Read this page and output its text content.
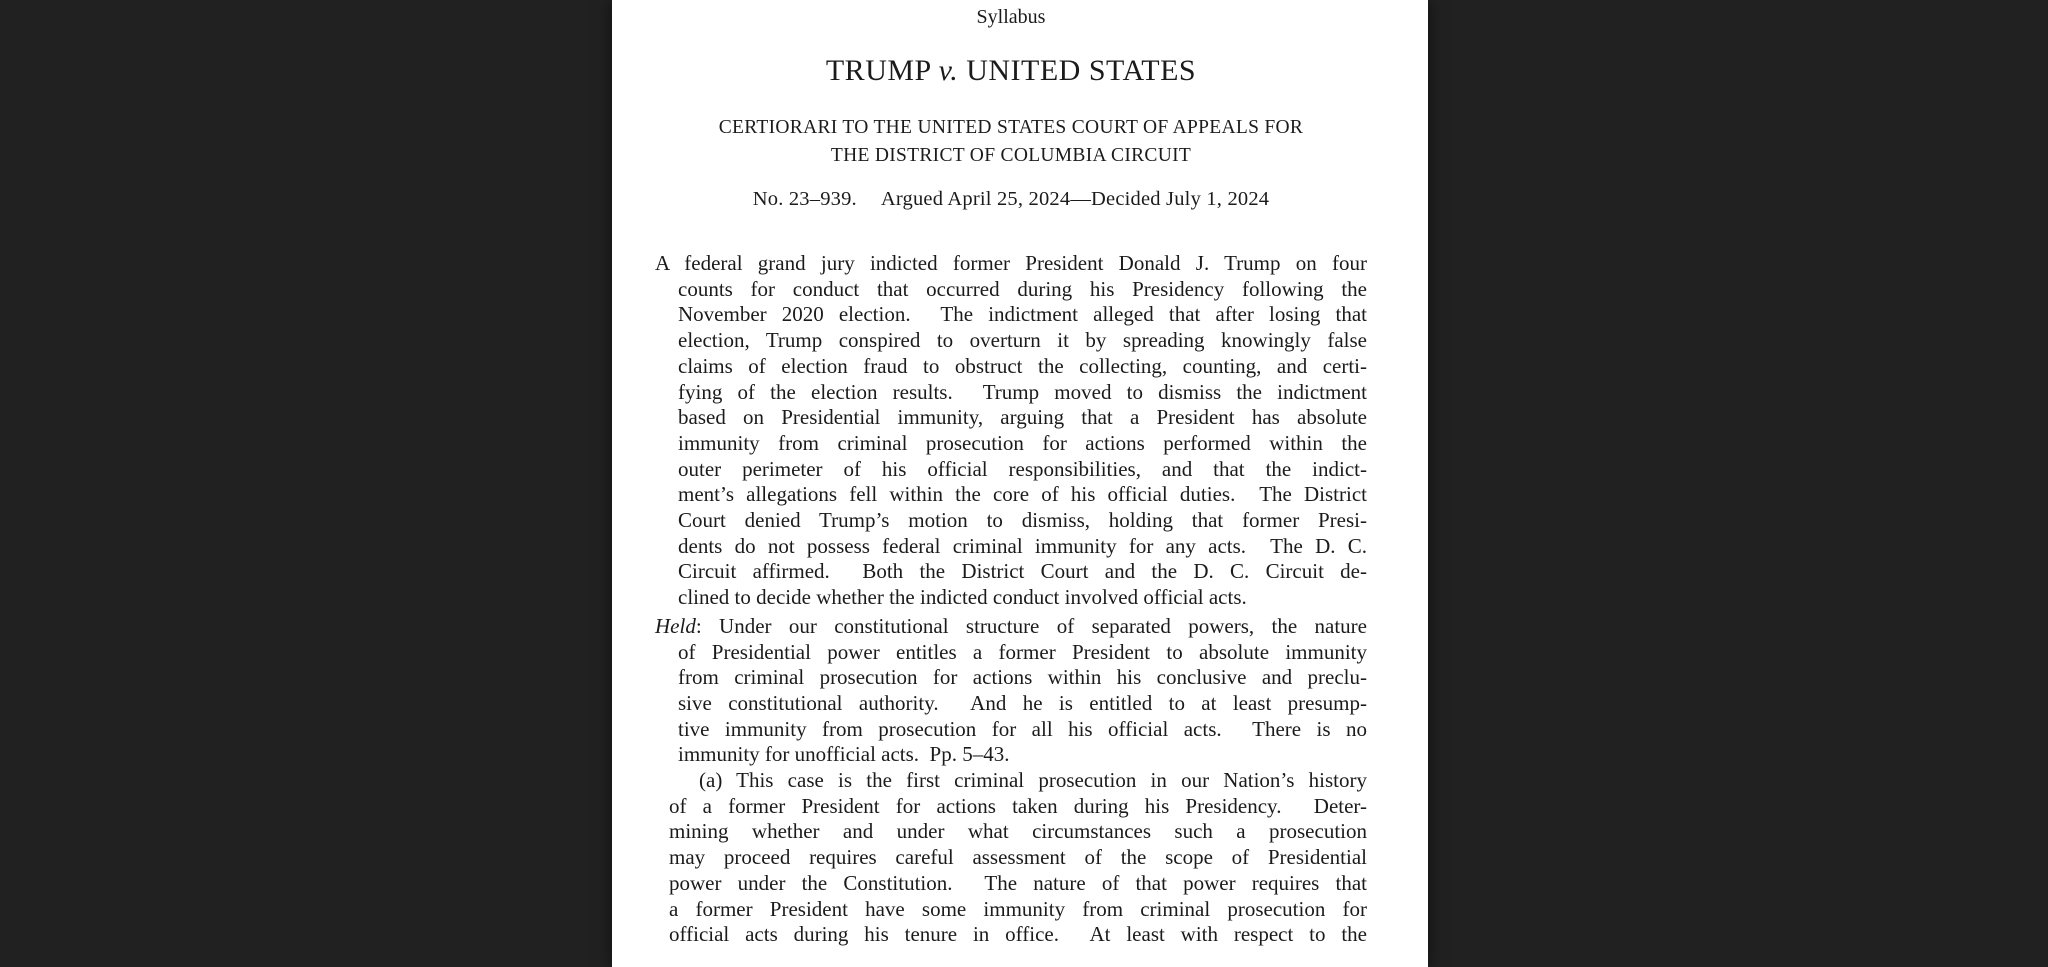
Syllabus
TRUMP v. UNITED STATES
CERTIORARI TO THE UNITED STATES COURT OF APPEALS FOR
THE DISTRICT OF COLUMBIA CIRCUIT
No. 23–939. Argued April 25, 2024—Decided July 1, 2024
A federal grand jury indicted former President Donald J. Trump on four
counts for conduct that occurred during his Presidency following the
November 2020 election.  The indictment alleged that after losing that
election, Trump conspired to overturn it by spreading knowingly false
claims of election fraud to obstruct the collecting, counting, and certi-
fying of the election results.  Trump moved to dismiss the indictment
based on Presidential immunity, arguing that a President has absolute
immunity from criminal prosecution for actions performed within the
outer perimeter of his official responsibilities, and that the indict-
ment’s allegations fell within the core of his official duties.  The District
Court denied Trump’s motion to dismiss, holding that former Presi-
dents do not possess federal criminal immunity for any acts.  The D. C.
Circuit affirmed.  Both the District Court and the D. C. Circuit de-
clined to decide whether the indicted conduct involved official acts.
Held: Under our constitutional structure of separated powers, the nature
of Presidential power entitles a former President to absolute immunity
from criminal prosecution for actions within his conclusive and preclu-
sive constitutional authority.  And he is entitled to at least presump-
tive immunity from prosecution for all his official acts.  There is no
immunity for unofficial acts.  Pp. 5–43.
(a) This case is the first criminal prosecution in our Nation’s history
of a former President for actions taken during his Presidency.  Deter-
mining whether and under what circumstances such a prosecution
may proceed requires careful assessment of the scope of Presidential
power under the Constitution.  The nature of that power requires that
a former President have some immunity from criminal prosecution for
official acts during his tenure in office.  At least with respect to the
